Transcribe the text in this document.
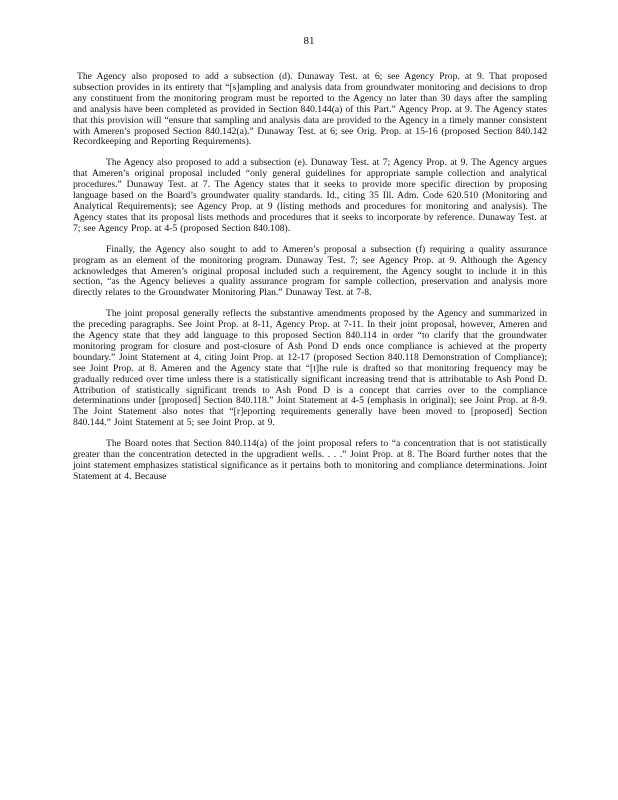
81

The Agency also proposed to add a subsection (d). Dunaway Test. at 6; see Agency Prop. at 9. That proposed subsection provides in its entirety that “[s]ampling and analysis data from groundwater monitoring and decisions to drop any constituent from the monitoring program must be reported to the Agency no later than 30 days after the sampling and analysis have been completed as provided in Section 840.144(a) of this Part.” Agency Prop. at 9. The Agency states that this provision will “ensure that sampling and analysis data are provided to the Agency in a timely manner consistent with Ameren’s proposed Section 840.142(a).” Dunaway Test. at 6; see Orig. Prop. at 15-16 (proposed Section 840.142 Recordkeeping and Reporting Requirements).

The Agency also proposed to add a subsection (e). Dunaway Test. at 7; Agency Prop. at 9. The Agency argues that Ameren’s original proposal included “only general guidelines for appropriate sample collection and analytical procedures.” Dunaway Test. at 7. The Agency states that it seeks to provide more specific direction by proposing language based on the Board’s groundwater quality standards. Id., citing 35 Ill. Adm. Code 620.510 (Monitoring and Analytical Requirements); see Agency Prop. at 9 (listing methods and procedures for monitoring and analysis). The Agency states that its proposal lists methods and procedures that it seeks to incorporate by reference. Dunaway Test. at 7; see Agency Prop. at 4-5 (proposed Section 840.108).

Finally, the Agency also sought to add to Ameren’s proposal a subsection (f) requiring a quality assurance program as an element of the monitoring program. Dunaway Test. 7; see Agency Prop. at 9. Although the Agency acknowledges that Ameren’s original proposal included such a requirement, the Agency sought to include it in this section, “as the Agency believes a quality assurance program for sample collection, preservation and analysis more directly relates to the Groundwater Monitoring Plan.” Dunaway Test. at 7-8.

The joint proposal generally reflects the substantive amendments proposed by the Agency and summarized in the preceding paragraphs. See Joint Prop. at 8-11, Agency Prop. at 7-11. In their joint proposal, however, Ameren and the Agency state that they add language to this proposed Section 840.114 in order “to clarify that the groundwater monitoring program for closure and post-closure of Ash Pond D ends once compliance is achieved at the property boundary.” Joint Statement at 4, citing Joint Prop. at 12-17 (proposed Section 840.118 Demonstration of Compliance); see Joint Prop. at 8. Ameren and the Agency state that “[t]he rule is drafted so that monitoring frequency may be gradually reduced over time unless there is a statistically significant increasing trend that is attributable to Ash Pond D. Attribution of statistically significant trends to Ash Pond D is a concept that carries over to the compliance determinations under [proposed] Section 840.118.” Joint Statement at 4-5 (emphasis in original); see Joint Prop. at 8-9. The Joint Statement also notes that “[r]eporting requirements generally have been moved to [proposed] Section 840.144.” Joint Statement at 5; see Joint Prop. at 9.

The Board notes that Section 840.114(a) of the joint proposal refers to “a concentration that is not statistically greater than the concentration detected in the upgradient wells. . . .” Joint Prop. at 8. The Board further notes that the joint statement emphasizes statistical significance as it pertains both to monitoring and compliance determinations. Joint Statement at 4. Because
